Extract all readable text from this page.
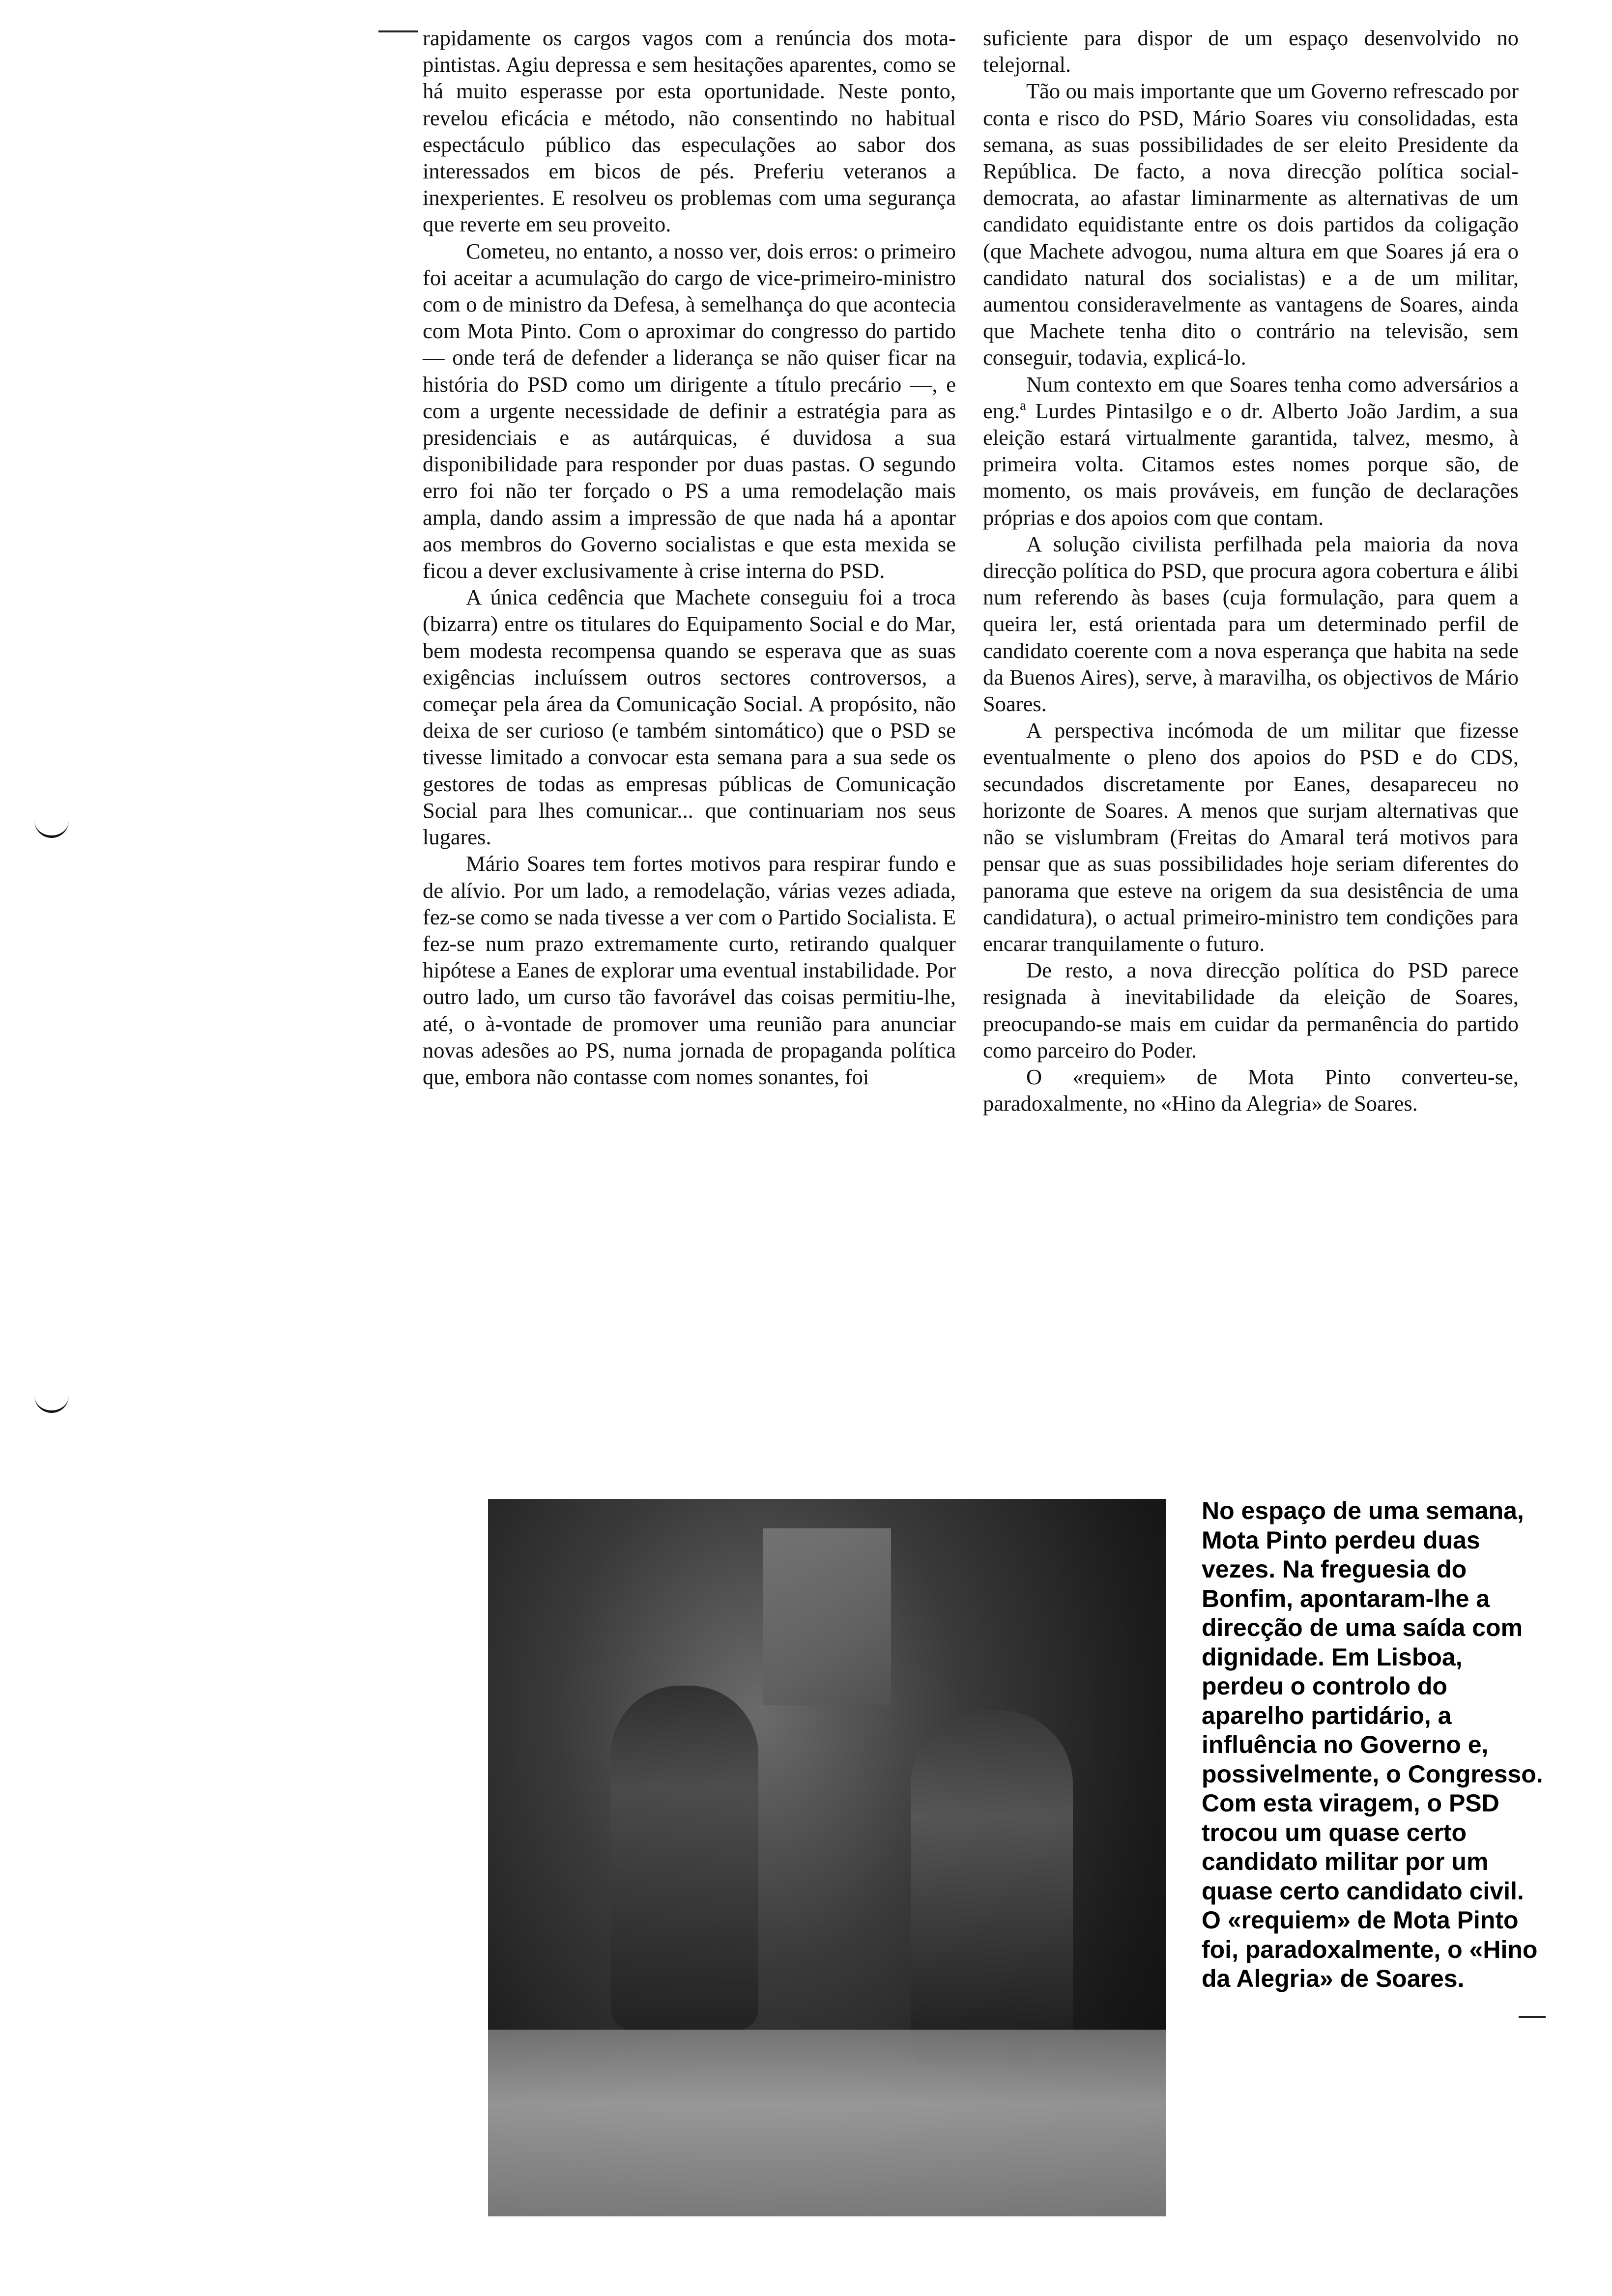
rapidamente os cargos vagos com a renúncia dos mota-pintistas. Agiu depressa e sem hesitações aparentes, como se há muito esperasse por esta oportunidade. Neste ponto, revelou eficácia e método, não consentindo no habitual espectáculo público das especulações ao sabor dos interessados em bicos de pés. Preferiu veteranos a inexperientes. E resolveu os problemas com uma segurança que reverte em seu proveito.

Cometeu, no entanto, a nosso ver, dois erros: o primeiro foi aceitar a acumulação do cargo de vice-primeiro-ministro com o de ministro da Defesa, à semelhança do que acontecia com Mota Pinto. Com o aproximar do congresso do partido — onde terá de defender a liderança se não quiser ficar na história do PSD como um dirigente a título precário —, e com a urgente necessidade de definir a estratégia para as presidenciais e as autárquicas, é duvidosa a sua disponibilidade para responder por duas pastas. O segundo erro foi não ter forçado o PS a uma remodelação mais ampla, dando assim a impressão de que nada há a apontar aos membros do Governo socialistas e que esta mexida se ficou a dever exclusivamente à crise interna do PSD.

A única cedência que Machete conseguiu foi a troca (bizarra) entre os titulares do Equipamento Social e do Mar, bem modesta recompensa quando se esperava que as suas exigências incluíssem outros sectores controversos, a começar pela área da Comunicação Social. A propósito, não deixa de ser curioso (e também sintomático) que o PSD se tivesse limitado a convocar esta semana para a sua sede os gestores de todas as empresas públicas de Comunicação Social para lhes comunicar... que continuariam nos seus lugares.

Mário Soares tem fortes motivos para respirar fundo e de alívio. Por um lado, a remodelação, várias vezes adiada, fez-se como se nada tivesse a ver com o Partido Socialista. E fez-se num prazo extremamente curto, retirando qualquer hipótese a Eanes de explorar uma eventual instabilidade. Por outro lado, um curso tão favorável das coisas permitiu-lhe, até, o à-vontade de promover uma reunião para anunciar novas adesões ao PS, numa jornada de propaganda política que, embora não contasse com nomes sonantes, foi

suficiente para dispor de um espaço desenvolvido no telejornal.

Tão ou mais importante que um Governo refrescado por conta e risco do PSD, Mário Soares viu consolidadas, esta semana, as suas possibilidades de ser eleito Presidente da República. De facto, a nova direcção política social-democrata, ao afastar liminarmente as alternativas de um candidato equidistante entre os dois partidos da coligação (que Machete advogou, numa altura em que Soares já era o candidato natural dos socialistas) e a de um militar, aumentou consideravelmente as vantagens de Soares, ainda que Machete tenha dito o contrário na televisão, sem conseguir, todavia, explicá-lo.

Num contexto em que Soares tenha como adversários a eng.ª Lurdes Pintasilgo e o dr. Alberto João Jardim, a sua eleição estará virtualmente garantida, talvez, mesmo, à primeira volta. Citamos estes nomes porque são, de momento, os mais prováveis, em função de declarações próprias e dos apoios com que contam.

A solução civilista perfilhada pela maioria da nova direcção política do PSD, que procura agora cobertura e álibi num referendo às bases (cuja formulação, para quem a queira ler, está orientada para um determinado perfil de candidato coerente com a nova esperança que habita na sede da Buenos Aires), serve, à maravilha, os objectivos de Mário Soares.

A perspectiva incómoda de um militar que fizesse eventualmente o pleno dos apoios do PSD e do CDS, secundados discretamente por Eanes, desapareceu no horizonte de Soares. A menos que surjam alternativas que não se vislumbram (Freitas do Amaral terá motivos para pensar que as suas possibilidades hoje seriam diferentes do panorama que esteve na origem da sua desistência de uma candidatura), o actual primeiro-ministro tem condições para encarar tranquilamente o futuro.

De resto, a nova direcção política do PSD parece resignada à inevitabilidade da eleição de Soares, preocupando-se mais em cuidar da permanência do partido como parceiro do Poder.

O «requiem» de Mota Pinto converteu-se, paradoxalmente, no «Hino da Alegria» de Soares.

No espaço de uma semana, Mota Pinto perdeu duas vezes. Na freguesia do Bonfim, apontaram-lhe a direcção de uma saída com dignidade. Em Lisboa, perdeu o controlo do aparelho partidário, a influência no Governo e, possivelmente, o Congresso. Com esta viragem, o PSD trocou um quase certo candidato militar por um quase certo candidato civil. O «requiem» de Mota Pinto foi, paradoxalmente, o «Hino da Alegria» de Soares.
